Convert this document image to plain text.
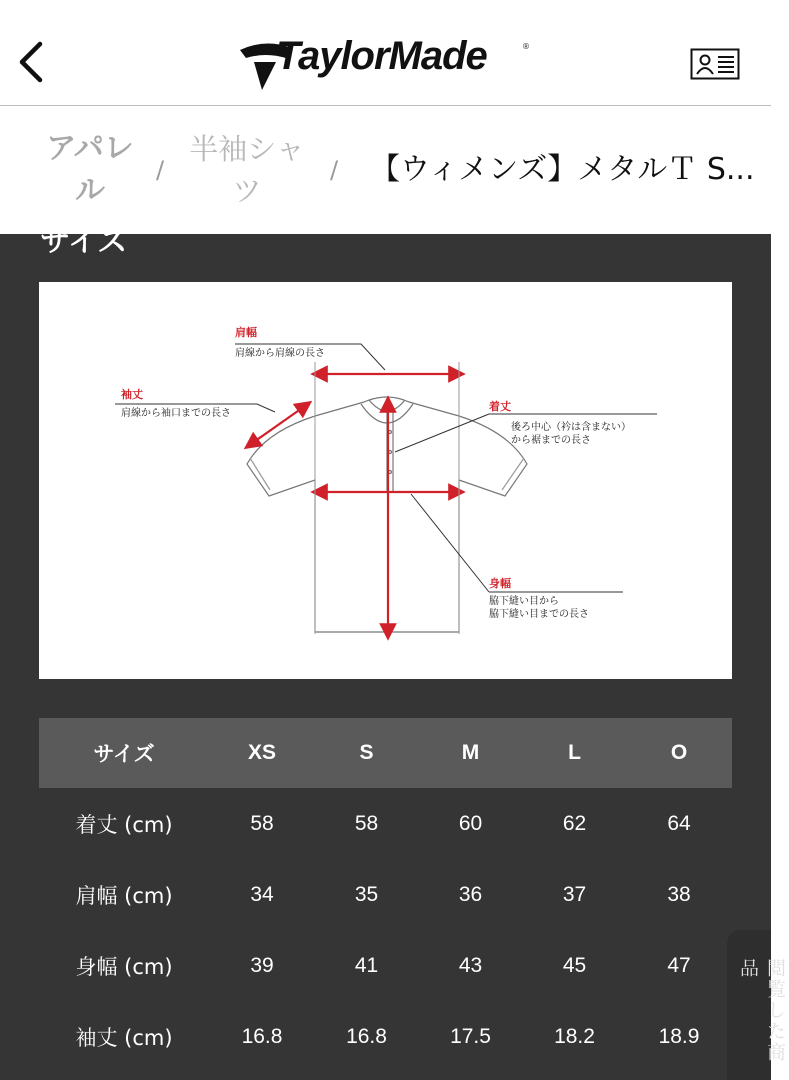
TaylorMade	®
アパレル
/
半袖シャツ
/ 【ウィメンズ】メタルＴ S...
サイズ
肩幅
肩線から肩線の長さ
袖丈
肩線から袖口までの長さ
着丈
後ろ中心（衿は含まない）
から裾までの長さ
身幅
脇下縫い目から
脇下縫い目までの長さ
サイズ	XS	S	M	L	O
着丈 (cm)	58	58	60	62	64
肩幅 (cm)	34	35	36	37	38
身幅 (cm)	39	41	43	45	47
袖丈 (cm)	16.8	16.8	17.5	18.2	18.9	閲覧した商品
